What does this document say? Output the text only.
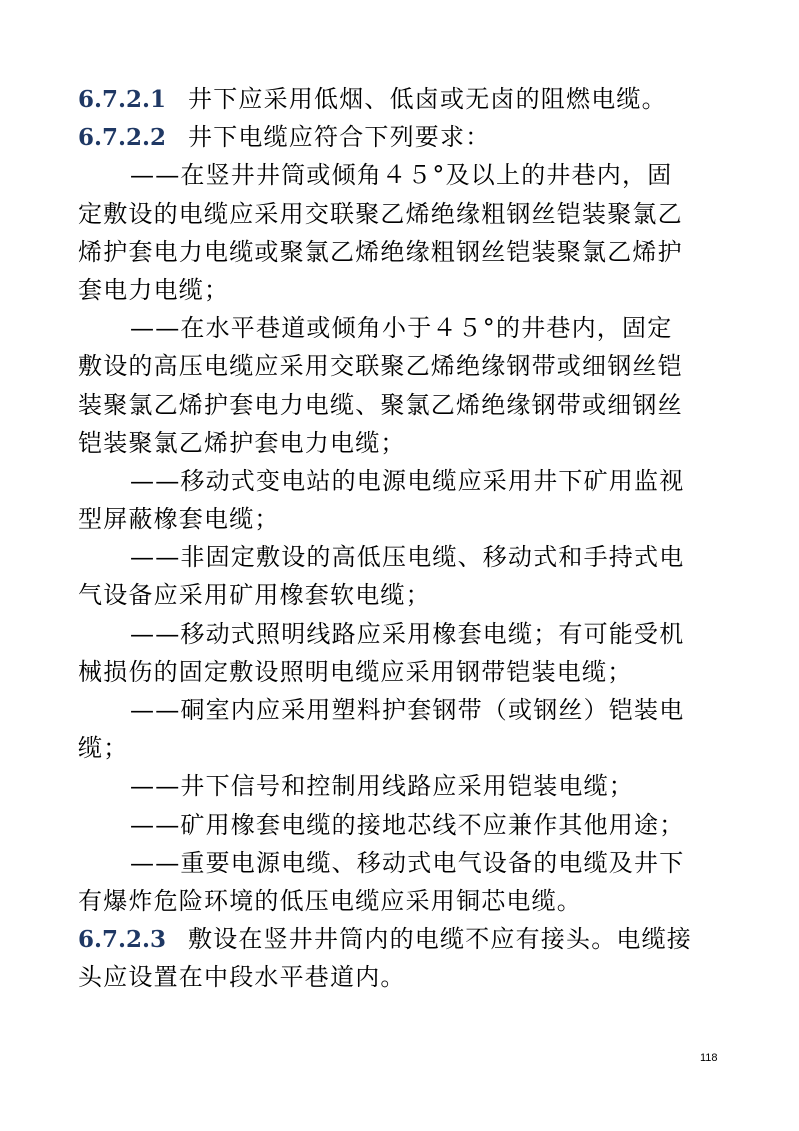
6.7.2.1 井下应采用低烟、低卤或无卤的阻燃电缆。
6.7.2.2 井下电缆应符合下列要求：
——在竖井井筒或倾角４５°及以上的井巷内，固
定敷设的电缆应采用交联聚乙烯绝缘粗钢丝铠装聚氯乙
烯护套电力电缆或聚氯乙烯绝缘粗钢丝铠装聚氯乙烯护
套电力电缆；
——在水平巷道或倾角小于４５°的井巷内，固定
敷设的高压电缆应采用交联聚乙烯绝缘钢带或细钢丝铠
装聚氯乙烯护套电力电缆、聚氯乙烯绝缘钢带或细钢丝
铠装聚氯乙烯护套电力电缆；
——移动式变电站的电源电缆应采用井下矿用监视
型屏蔽橡套电缆；
——非固定敷设的高低压电缆、移动式和手持式电
气设备应采用矿用橡套软电缆；
——移动式照明线路应采用橡套电缆；有可能受机
械损伤的固定敷设照明电缆应采用钢带铠装电缆；
——硐室内应采用塑料护套钢带（或钢丝）铠装电
缆；
——井下信号和控制用线路应采用铠装电缆；
——矿用橡套电缆的接地芯线不应兼作其他用途；
——重要电源电缆、移动式电气设备的电缆及井下
有爆炸危险环境的低压电缆应采用铜芯电缆。
6.7.2.3 敷设在竖井井筒内的电缆不应有接头。电缆接
头应设置在中段水平巷道内。
118
